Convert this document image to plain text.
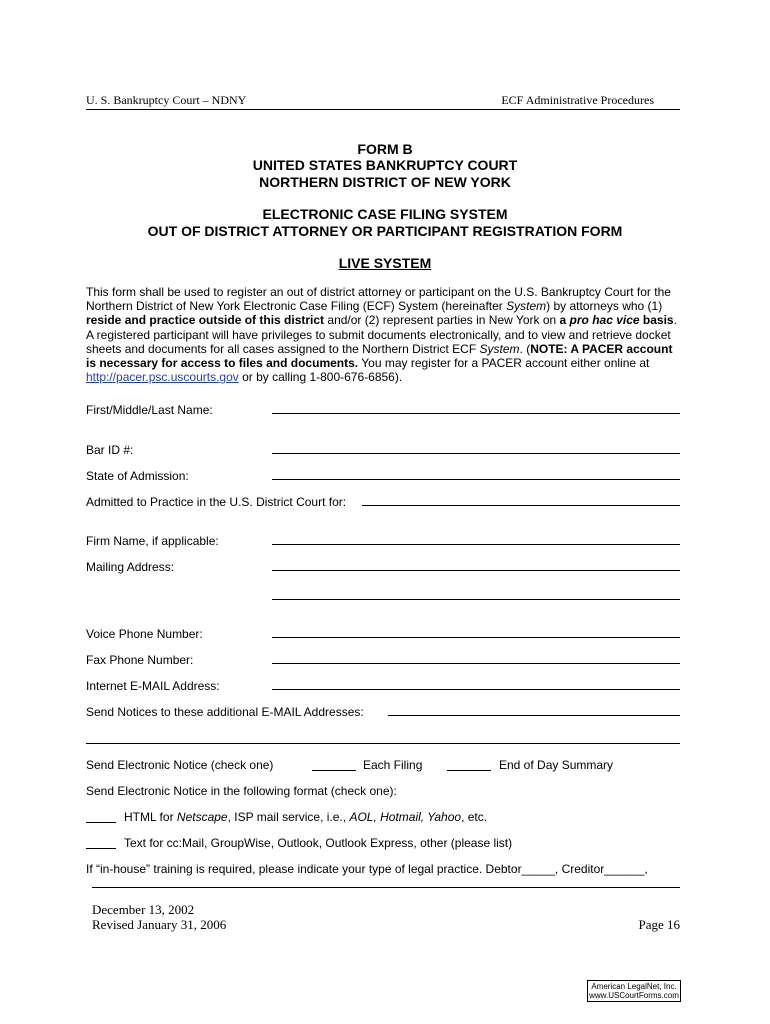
U. S. Bankruptcy Court – NDNY	ECF Administrative Procedures
FORM B
UNITED STATES BANKRUPTCY COURT
NORTHERN DISTRICT OF NEW YORK
ELECTRONIC CASE FILING SYSTEM
OUT OF DISTRICT ATTORNEY OR PARTICIPANT REGISTRATION FORM
LIVE SYSTEM
This form shall be used to register an out of district attorney or participant on the U.S. Bankruptcy Court for the Northern District of New York Electronic Case Filing (ECF) System (hereinafter System) by attorneys who (1) reside and practice outside of this district and/or (2) represent parties in New York on a pro hac vice basis. A registered participant will have privileges to submit documents electronically, and to view and retrieve docket sheets and documents for all cases assigned to the Northern District ECF System. (NOTE: A PACER account is necessary for access to files and documents. You may register for a PACER account either online at http://pacer.psc.uscourts.gov or by calling 1-800-676-6856).
First/Middle/Last Name:
Bar ID #:
State of Admission:
Admitted to Practice in the U.S. District Court for:
Firm Name, if applicable:
Mailing Address:
Voice Phone Number:
Fax Phone Number:
Internet E-MAIL Address:
Send Notices to these additional E-MAIL Addresses:
Send Electronic Notice (check one)	Each Filing	End of Day Summary
Send Electronic Notice in the following format (check one):
HTML for Netscape, ISP mail service, i.e., AOL, Hotmail, Yahoo, etc.
Text for cc:Mail, GroupWise, Outlook, Outlook Express, other (please list)
If “in-house” training is required, please indicate your type of legal practice. Debtor_____, Creditor______,
December 13, 2002
Revised January 31, 2006	Page 16
American LegalNet, Inc.
www.USCourtForms.com
